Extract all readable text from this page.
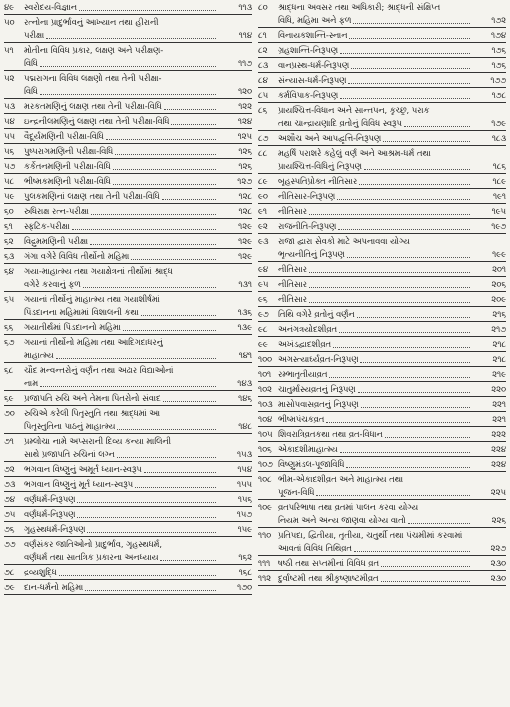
૪૯	સ્વરોદય-વિજ્ઞાન	૧૧૩
૫૦	રત્નોના પ્રાદુર્ભાવનું આખ્યાન તથા હીરાની
પરીક્ષા	૧૧૪
૫૧	મોતીના વિવિધ પ્રકાર, લક્ષણ અને પરીક્ષણ-
વિધિ	૧૧૭
૫૨	પદ્મરાગના વિવિધ લક્ષણો તથા તેની પરીક્ષા-
વિધિ	૧૨૦
૫૩	મરકતમણિનું લક્ષણ તથા તેની પરીક્ષા-વિધિ	૧૨૨
૫૪	ઇન્દ્રનીલમણિનું લક્ષણ તથા તેની પરીક્ષા-વિધિ	૧૨૪
૫૫	વૈદૂર્યમણિની પરીક્ષા-વિધિ	૧૨૫
૫૬	પુષ્પરાગમણિની પરીક્ષા-વિધિ	૧૨૬
૫૭	કર્કેતનમણિની પરીક્ષા-વિધિ	૧૨૬
૫૮	ભીષ્મકમણિની પરીક્ષા-વિધિ	૧૨૭
૫૯	પુલકમણિનાં લક્ષણ તથા તેની પરીક્ષા-વિધિ	૧૨૮
૬૦	રુધિરાક્ષ રત્ન-પરીક્ષા	૧૨૮
૬૧	સ્ફટિક-પરીક્ષા	૧૨૯
૬૨	વિદ્રુમમણિની પરીક્ષા	૧૨૯
૬૩	ગંગા વગેરે વિવિધ તીર્થોનો મહિમા	૧૨૯
૬૪	ગયા-માહાત્મ્ય તથા ગયાક્ષેત્રનાં તીર્થોમાં શ્રાદ્ધ
વગેરે કરવાનું ફળ	૧૩૧
૬૫	ગયાનાં તીર્થોનું માહાત્મ્ય તથા ગયાશીર્ષમાં
પિંડદાનના મહિમામાં વિશાલની કથા	૧૩૬
૬૬	ગયાતીર્થમાં પિંડદાનનો મહિમા	૧૩૯
૬૭	ગયાનાં તીર્થોનો મહિમા તથા આદિગદાધરનું
માહાત્મ્ય	૧૪૧
૬૮	ચૌદ મન્વન્તરોનું વર્ણન તથા અઢાર વિદ્યાઓનાં
નામ	૧૪૩
૬૯	પ્રજાપતિ રુચિ અને તેમના પિતરોનો સંવાદ	૧૪૬
૭૦	રુચિએ કરેલી પિતૃસ્તુતિ તથા શ્રાદ્ધમાં આ
પિતૃસ્તુતિના પાઠનું માહાત્મ્ય	૧૪૮
૭૧	પ્રમ્લોચા નામે અપ્સરાની દિવ્ય કન્યા માલિની
સાથે પ્રજાપતિ રુચિનાં લગ્ન	૧૫૩
૭૨	ભગવાન વિષ્ણુનું અમૂર્ત ધ્યાન-સ્વરૂપ	૧૫૪
૭૩	ભગવાન વિષ્ણુનું મૂર્ત ધ્યાન-સ્વરૂપ	૧૫૫
૭૪	વર્ણધર્મ-નિરૂપણ	૧૫૬
૭૫	વર્ણધર્મ-નિરૂપણ	૧૫૭
૭૬	ગૃહસ્થધર્મ-નિરૂપણ	૧૫૯
૭૭	વર્ણસંકર જાતિઓનો પ્રાદુર્ભાવ, ગૃહસ્થધર્મ,
વર્ણધર્મ તથા સાતત્રિક પ્રકારના અનધ્યાય	૧૬૨
૭૮	દ્રવ્યશુદ્ધિ	૧૬૮
૭૯	દાન-ધર્મનો મહિમા	૧૭૦
૮૦	શ્રાદ્ધના અવસર તથા અધિકારી; શ્રાદ્ધની સંક્ષિપ્ત
વિધિ, મહિમા અને ફળ	૧૭૨
૮૧	વિનાયકશાન્તિ-સ્નાન	૧૭૪
૮૨	ગ્રહશાન્તિ-નિરૂપણ	૧૭૬
૮૩	વાનપ્રસ્થ-ધર્મ-નિરૂપણ	૧૭૬
૮૪	સંન્યાસ-ધર્મ-નિરૂપણ	૧૭૭
૮૫	કર્મવિપાક-નિરૂપણ	૧૭૮
૮૬	પ્રાયશ્ચિત્ત-વિધાન અને સાન્તપન, કૃચ્છ્ર, પરાક
તથા ચાન્દ્રાયણાદિ વ્રતોનું વિવિધ સ્વરૂપ	૧૭૯
૮૭	અશૌચ અને આપદ્વૃત્તિ-નિરૂપણ	૧૮૩
૮૮	મહર્ષિ પરાશરે કહેલું વર્ણ અને આશ્રમ-ધર્મ તથા
પ્રાયશ્ચિત્ત-વિધિનું નિરૂપણ	૧૮૬
૮૯	બૃહસ્પતિપ્રોક્ત નીતિસાર	૧૮૯
૯૦	નીતિસાર-નિરૂપણ	૧૯૧
૯૧	નીતિસાર	૧૯૫
૯૨	રાજનીતિ-નિરૂપણ	૧૯૭
૯૩	રાજા દ્વારા સેવકો માટે અપનાવવા યોગ્ય
ભૃત્યનીતિનું નિરૂપણ	૧૯૯
૯૪	નીતિસાર	૨૦૧
૯૫	નીતિસાર	૨૦૬
૯૬	નીતિસાર	૨૦૯
૯૭	તિથિ વગેરે વ્રતોનું વર્ણન	૨૧૬
૯૮	અનંગત્રયોદશીવ્રત	૨૧૭
૯૯	અખંડદ્વાદશીવ્રત	૨૧૮
૧૦૦ અગસ્ત્યાર્ઘ્યવ્રત-નિરૂપણ	૨૧૮
૧૦૧ રમ્ભાતૃતીયાવ્રત	૨૧૯
૧૦૨ ચાતુર્માસ્યવ્રતનું નિરૂપણ	૨૨૦
૧૦૩ માસોપવાસવ્રતનું નિરૂપણ	૨૨૧
૧૦૪ ભીષ્મપંચકવ્રત	૨૨૧
૧૦૫ શિવરાત્રિવ્રતકથા તથા વ્રત-વિધાન	૨૨૨
૧૦૬ એકાદશીમાહાત્મ્ય	૨૨૪
૧૦૭ વિષ્ણુમંડલ-પૂજાવિધિ	૨૨૪
૧૦૮ ભીમ-એકાદશીવ્રત અને માહાત્મ્ય તથા
પૂજન-વિધિ	૨૨૫
૧૦૯ વ્રતપરિભાષા તથા વ્રતમાં પાલન કરવા યોગ્ય
નિયમ અને અન્ય જાણવા યોગ્ય વાતો	૨૨૬
૧૧૦ પ્રતિપદા, દ્વિતીયા, તૃતીયા, ચતુર્થી તથા પંચમીમાં કરવામાં
આવતાં વિવિધ તિથિવ્રત	૨૨૭
૧૧૧ ષષ્ઠી તથા સપ્તમીનાં વિવિધ વ્રત	૨૩૦
૧૧૨ દુર્વાષ્ટમી તથા શ્રીકૃષ્ણાષ્ટમીવ્રત	૨૩૦
